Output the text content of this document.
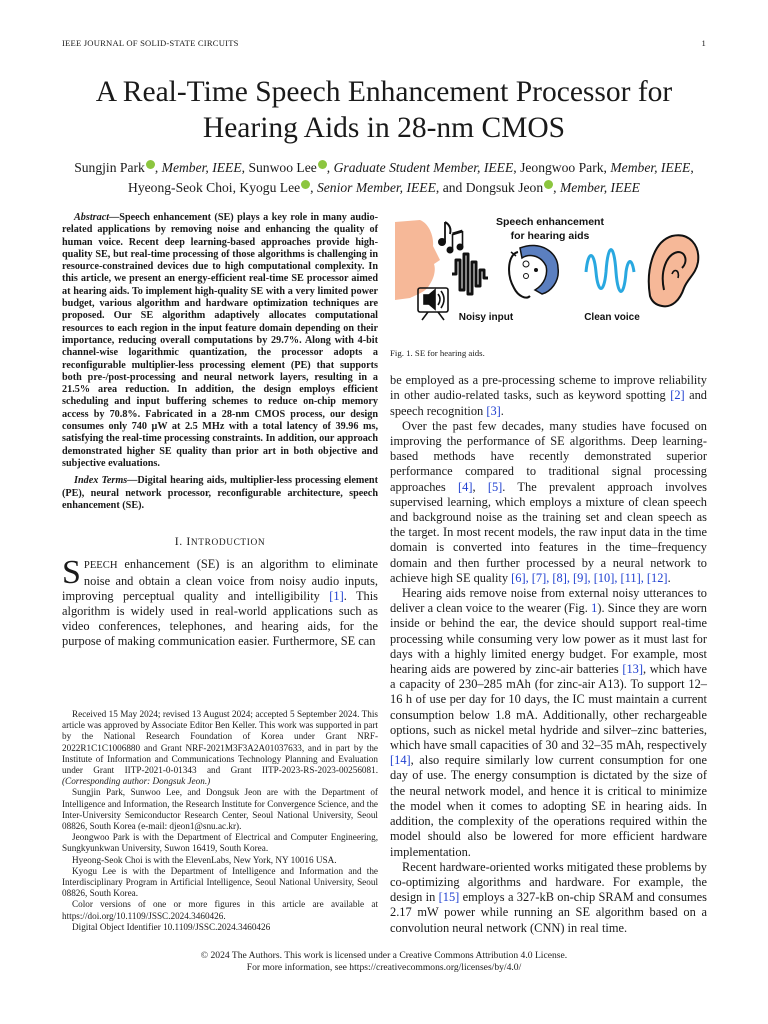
IEEE JOURNAL OF SOLID-STATE CIRCUITS	1
A Real-Time Speech Enhancement Processor for
Hearing Aids in 28-nm CMOS
Sungjin Park , Member, IEEE, Sunwoo Lee , Graduate Student Member, IEEE, Jeongwoo Park, Member, IEEE,
Hyeong-Seok Choi, Kyogu Lee , Senior Member, IEEE, and Dongsuk Jeon , Member, IEEE

Abstract—Speech enhancement (SE) plays a key role in many audio-related applications by removing noise and enhancing the quality of human voice. Recent deep learning-based approaches provide high-quality SE, but real-time processing of those algorithms is challenging in resource-constrained devices due to high computational complexity. In this article, we present an energy-efficient real-time SE processor aimed at hearing aids. To implement high-quality SE with a very limited power budget, various algorithm and hardware optimization techniques are proposed. Our SE algorithm adaptively allocates computational resources to each region in the input feature domain depending on their importance, reducing overall computations by 29.7%. Along with 4-bit channel-wise logarithmic quantization, the processor adopts a reconfigurable multiplier-less processing element (PE) that supports both pre-/post-processing and neural network layers, resulting in a 21.5% area reduction. In addition, the design employs efficient scheduling and input buffering schemes to reduce on-chip memory access by 70.8%. Fabricated in a 28-nm CMOS process, our design consumes only 740 μW at 2.5 MHz with a total latency of 39.96 ms, satisfying the real-time processing constraints. In addition, our approach demonstrated higher SE quality than prior art in both objective and subjective evaluations.

Index Terms—Digital hearing aids, multiplier-less processing element (PE), neural network processor, reconfigurable architecture, speech enhancement (SE).

I. INTRODUCTION

SPEECH enhancement (SE) is an algorithm to eliminate noise and obtain a clean voice from noisy audio inputs, improving perceptual quality and intelligibility [1]. This algorithm is widely used in real-world applications such as video conferences, telephones, and hearing aids, for the purpose of making communication easier. Furthermore, SE can

Received 15 May 2024; revised 13 August 2024; accepted 5 September 2024. This article was approved by Associate Editor Ben Keller. This work was supported in part by the National Research Foundation of Korea under Grant NRF-2022R1C1C1006880 and Grant NRF-2021M3F3A2A01037633, and in part by the Institute of Information and Communications Technology Planning and Evaluation under Grant IITP-2021-0-01343 and Grant IITP-2023-RS-2023-00256081. (Corresponding author: Dongsuk Jeon.)

Sungjin Park, Sunwoo Lee, and Dongsuk Jeon are with the Department of Intelligence and Information, the Research Institute for Convergence Science, and the Inter-University Semiconductor Research Center, Seoul National University, Seoul 08826, South Korea (e-mail: djeon1@snu.ac.kr).

Jeongwoo Park is with the Department of Electrical and Computer Engineering, Sungkyunkwan University, Suwon 16419, South Korea.

Hyeong-Seok Choi is with the ElevenLabs, New York, NY 10016 USA.

Kyogu Lee is with the Department of Intelligence and Information and the Interdisciplinary Program in Artificial Intelligence, Seoul National University, Seoul 08826, South Korea.

Color versions of one or more figures in this article are available at https://doi.org/10.1109/JSSC.2024.3460426.

Digital Object Identifier 10.1109/JSSC.2024.3460426

Speech enhancement
for hearing aids
Noisy input	Clean voice
Fig. 1. SE for hearing aids.

be employed as a pre-processing scheme to improve reliability in other audio-related tasks, such as keyword spotting [2] and speech recognition [3].

Over the past few decades, many studies have focused on improving the performance of SE algorithms. Deep learning-based methods have recently demonstrated superior performance compared to traditional signal processing approaches [4], [5]. The prevalent approach involves supervised learning, which employs a mixture of clean speech and background noise as the training set and clean speech as the target. In most recent models, the raw input data in the time domain is converted into features in the time–frequency domain and then further processed by a neural network to achieve high SE quality [6], [7], [8], [9], [10], [11], [12].

Hearing aids remove noise from external noisy utterances to deliver a clean voice to the wearer (Fig. 1). Since they are worn inside or behind the ear, the device should support real-time processing while consuming very low power as it must last for days with a highly limited energy budget. For example, most hearing aids are powered by zinc-air batteries [13], which have a capacity of 230–285 mAh (for zinc-air A13). To support 12–16 h of use per day for 10 days, the IC must maintain a current consumption below 1.8 mA. Additionally, other rechargeable options, such as nickel metal hydride and silver–zinc batteries, which have small capacities of 30 and 32–35 mAh, respectively [14], also require similarly low current consumption for one day of use. The energy consumption is dictated by the size of the neural network model, and hence it is critical to minimize the model when it comes to adopting SE in hearing aids. In addition, the complexity of the operations required within the model should also be lowered for more efficient hardware implementation.

Recent hardware-oriented works mitigated these problems by co-optimizing algorithms and hardware. For example, the design in [15] employs a 327-kB on-chip SRAM and consumes 2.17 mW power while running an SE algorithm based on a convolution neural network (CNN) in real time.

© 2024 The Authors. This work is licensed under a Creative Commons Attribution 4.0 License.

For more information, see https://creativecommons.org/licenses/by/4.0/
